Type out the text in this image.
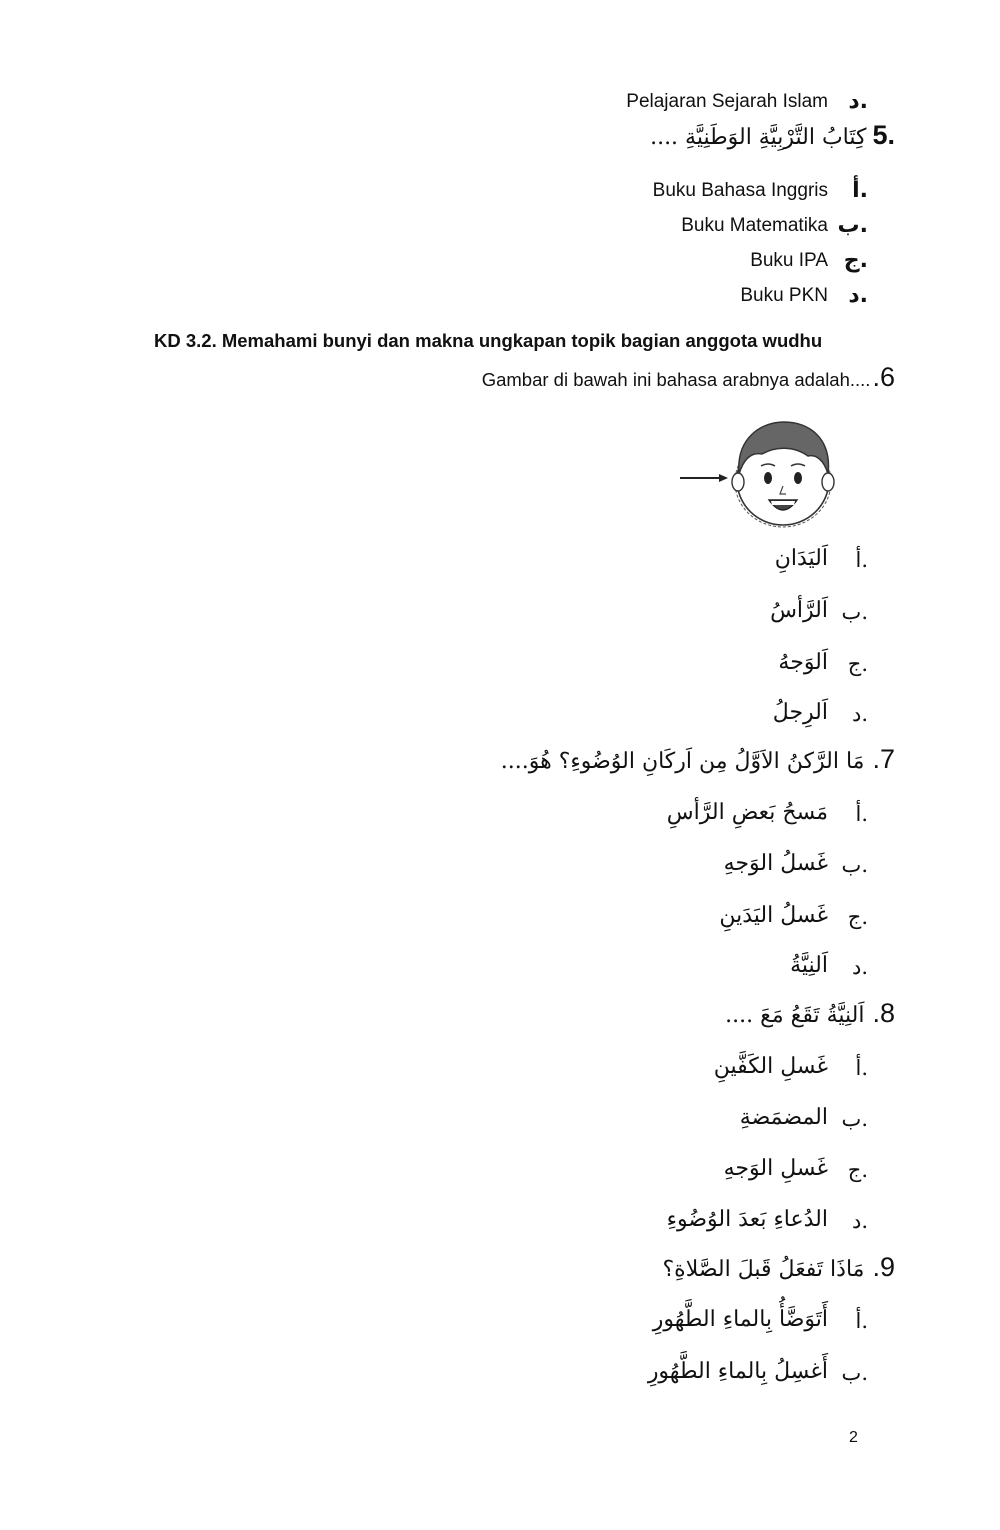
د.
Pelajaran Sejarah Islam
كِتَابُ التَّرْبِيَّةِ الوَطَنِيَّةِ .... 5.
أ.
Buku Bahasa Inggris
ب.
Buku Matematika
ج.
Buku IPA
د.
Buku PKN
KD 3.2. Memahami bunyi dan makna ungkapan topik bagian anggota wudhu
Gambar di bawah ini bahasa arabnya adalah.... 6.
أ.
اَليَدَانِ
ب.
اَلرَّأسُ
ج.
اَلوَجهُ
د.
اَلرِجلُ
مَا الرَّكنُ الاَوَّلُ مِن اَركَانِ الوُضُوءِ؟ هُوَ.... 7.
أ.
مَسحُ بَعضِ الرَّأسِ
ب.
غَسلُ الوَجهِ
ج.
غَسلُ اليَدَينِ
د.
اَلنِيَّةُ
اَلنِيَّةُ تَقَعُ مَعَ .... 8.
أ.
غَسلِ الكَفَّينِ
ب.
المضمَضةِ
ج.
غَسلِ الوَجهِ
د.
الدُعاءِ بَعدَ الوُضُوءِ
مَاذَا تَفعَلُ قَبلَ الصَّلاةِ؟ 9.
أ.
أَتَوَضَّأُ بِالماءِ الطَّهُورِ
ب.
أَغسِلُ بِالماءِ الطَّهُورِ
2
